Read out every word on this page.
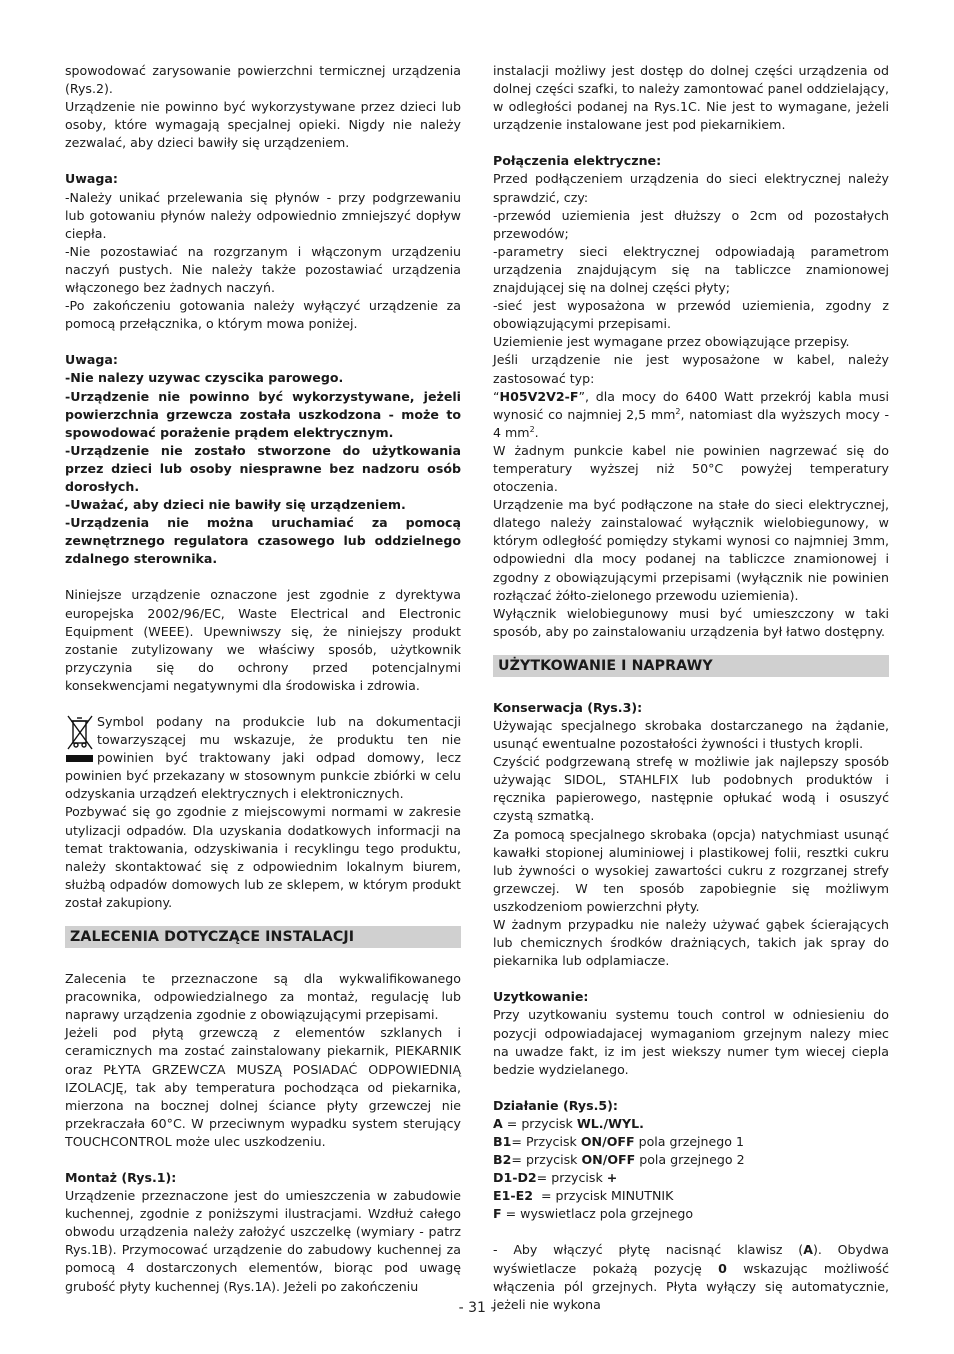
spowodować zarysowanie powierzchni termicznej urządzenia (Rys.2).

Urządzenie nie powinno być wykorzystywane przez dzieci lub osoby, które wymagają specjalnej opieki. Nigdy nie należy zezwalać, aby dzieci bawiły się urządzeniem.

Uwaga:

-Należy unikać przelewania się płynów - przy podgrzewaniu lub gotowaniu płynów należy odpowiednio zmniejszyć dopływ ciepła.

-Nie pozostawiać na rozgrzanym i włączonym urządzeniu naczyń pustych. Nie należy także pozostawiać urządzenia włączonego bez żadnych naczyń.

-Po zakończeniu gotowania należy wyłączyć urządzenie za pomocą przełącznika, o którym mowa poniżej.

Uwaga:

-Nie nalezy uzywac czyscika parowego.

-Urządzenie nie powinno być wykorzystywane, jeżeli powierzchnia grzewcza została uszkodzona - może to spowodować porażenie prądem elektrycznym.

-Urządzenie nie zostało stworzone do użytkowania przez dzieci lub osoby niesprawne bez nadzoru osób dorosłych.

-Uważać, aby dzieci nie bawiły się urządzeniem.

-Urządzenia nie można uruchamiać za pomocą zewnętrznego regulatora czasowego lub oddzielnego zdalnego sterownika.

Niniejsze urządzenie oznaczone jest zgodnie z dyrektywa europejska 2002/96/EC, Waste Electrical and Electronic Equipment (WEEE). Upewniwszy się, że niniejszy produkt zostanie zutylizowany we właściwy sposób, użytkownik przyczynia się do ochrony przed potencjalnymi konsekwencjami negatywnymi dla środowiska i zdrowia.

Symbol podany na produkcie lub na dokumentacji towarzyszącej mu wskazuje, że produktu ten nie powinien być traktowany jaki odpad domowy, lecz powinien być przekazany w stosownym punkcie zbiórki w celu odzyskania urządzeń elektrycznych i elektronicznych.

Pozbywać się go zgodnie z miejscowymi normami w zakresie utylizacji odpadów. Dla uzyskania dodatkowych informacji na temat traktowania, odzyskiwania i recyklingu tego produktu, należy skontaktować się z odpowiednim lokalnym biurem, służbą odpadów domowych lub ze sklepem, w którym produkt został zakupiony.

ZALECENIA DOTYCZĄCE INSTALACJI

Zalecenia te przeznaczone są dla wykwalifikowanego pracownika, odpowiedzialnego za montaż, regulację lub naprawy urządzenia zgodnie z obowiązującymi przepisami.

Jeżeli pod płytą grzewczą z elementów szklanych i ceramicznych ma zostać zainstalowany piekarnik, PIEKARNIK oraz PŁYTA GRZEWCZA MUSZĄ POSIADAĆ ODPOWIEDNIĄ IZOLACJĘ, tak aby temperatura pochodząca od piekarnika, mierzona na bocznej dolnej ściance płyty grzewczej nie przekraczała 60°C. W przeciwnym wypadku system sterujący TOUCHCONTROL może ulec uszkodzeniu.

Montaż (Rys.1):

Urządzenie przeznaczone jest do umieszczenia w zabudowie kuchennej, zgodnie z poniższymi ilustracjami. Wzdłuż całego obwodu urządzenia należy założyć uszczelkę (wymiary - patrz Rys.1B). Przymocować urządzenie do zabudowy kuchennej za pomocą 4 dostarczonych elementów, biorąc pod uwagę grubość płyty kuchennej (Rys.1A). Jeżeli po zakończeniu

instalacji możliwy jest dostęp do dolnej części urządzenia od dolnej części szafki, to należy zamontować panel oddzielający, w odległości podanej na Rys.1C. Nie jest to wymagane, jeżeli urządzenie instalowane jest pod piekarnikiem.

Połączenia elektryczne:

Przed podłączeniem urządzenia do sieci elektrycznej należy sprawdzić, czy:

-przewód uziemienia jest dłuższy o 2cm od pozostałych przewodów;

-parametry sieci elektrycznej odpowiadają parametrom urządzenia znajdującym się na tabliczce znamionowej znajdującej się na dolnej części płyty;

-sieć jest wyposażona w przewód uziemienia, zgodny z obowiązującymi przepisami.

Uziemienie jest wymagane przez obowiązujące przepisy.

Jeśli urządzenie nie jest wyposażone w kabel, należy zastosować typ:

“H05V2V2-F”, dla mocy do 6400 Watt przekrój kabla musi wynosić co najmniej 2,5 $mm^2$, natomiast dla wyższych mocy - 4 $mm^2$.

W żadnym punkcie kabel nie powinien nagrzewać się do temperatury wyższej niż 50°C powyżej temperatury otoczenia.

Urządzenie ma być podłączone na stałe do sieci elektrycznej, dlatego należy zainstalować wyłącznik wielobiegunowy, w którym odległość pomiędzy stykami wynosi co najmniej 3mm, odpowiedni dla mocy podanej na tabliczce znamionowej i zgodny z obowiązującymi przepisami (wyłącznik nie powinien rozłączać żółto-zielonego przewodu uziemienia).

Wyłącznik wielobiegunowy musi być umieszczony w taki sposób, aby po zainstalowaniu urządzenia był łatwo dostępny.

UŻYTKOWANIE I NAPRAWY

Konserwacja (Rys.3):

Używając specjalnego skrobaka dostarczanego na żądanie, usunąć ewentualne pozostałości żywności i tłustych kropli.

Czyścić podgrzewaną strefę w możliwie jak najlepszy sposób używając SIDOL, STAHLFIX lub podobnych produktów i ręcznika papierowego, następnie opłukać wodą i osuszyć czystą szmatką.

Za pomocą specjalnego skrobaka (opcja) natychmiast usunąć kawałki stopionej aluminiowej i plastikowej folii, resztki cukru lub żywności o wysokiej zawartości cukru z rozgrzanej strefy grzewczej. W ten sposób zapobiegnie się możliwym uszkodzeniom powierzchni płyty.

W żadnym przypadku nie należy używać gąbek ścierających lub chemicznych środków drażniących, takich jak spray do piekarnika lub odplamiacze.

Uzytkowanie:

Przy uzytkowaniu systemu touch control w odniesieniu do pozycji odpowiadajacej wymaganiom grzejnym nalezy miec na uwadze fakt, iz im jest wiekszy numer tym wiecej ciepla bedzie wydzielanego.

Działanie (Rys.5):

A = przycisk WL./WYL.

B1= Przycisk ON/OFF pola grzejnego 1

B2= przycisk ON/OFF pola grzejnego 2

D1-D2= przycisk +

E1-E2  = przycisk MINUTNIK

F = wyswietlacz pola grzejnego

- Aby włączyć płytę nacisnąć klawisz (A). Obydwa wyświetlacze pokażą pozycję 0 wskazując możliwość włączenia pól grzejnych. Płyta wyłączy się automatycznie, jeżeli nie wykona

- 31 -
